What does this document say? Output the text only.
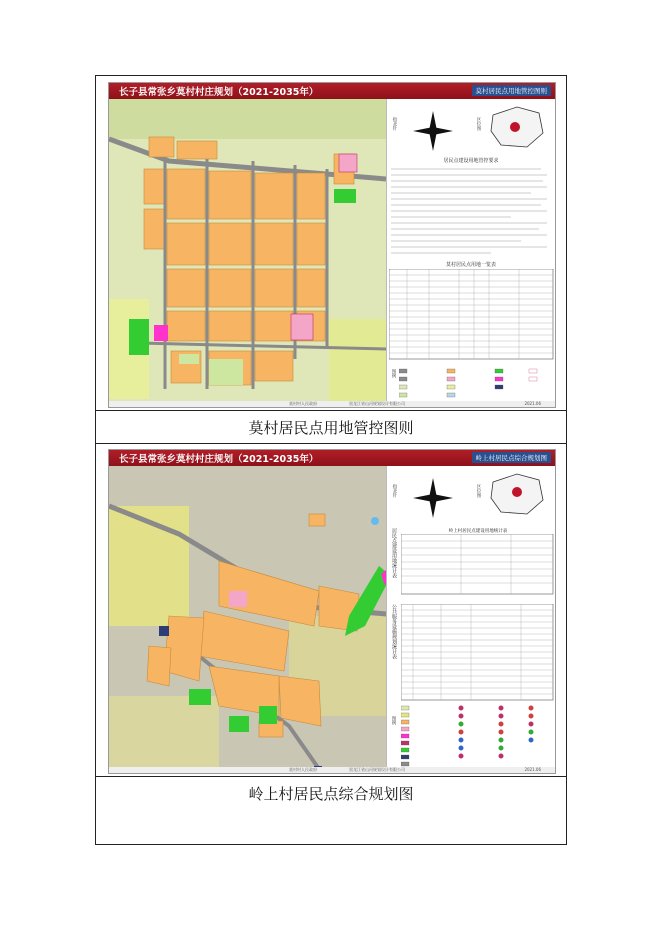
莫村居民点用地管控图则
岭上村居民点综合规划图
长子县常张乡莫村村庄规划（2021-2035年）	莫村居民点用地管控图则
指北针	区位图
居民点建设用地管控要求
莫村居民点用地一览表
图例
莫村村人民政府	黑龙江省山河规划设计有限公司	2021.06
长子县常张乡莫村村庄规划（2021-2035年）	岭上村居民点综合规划图
指北针	区位图
居民点建设用地统计表	岭上村居民点建设用地统计表
公共服务设施规划统计表
图例
莫村村人民政府	黑龙江省山河规划设计有限公司	2021.06
